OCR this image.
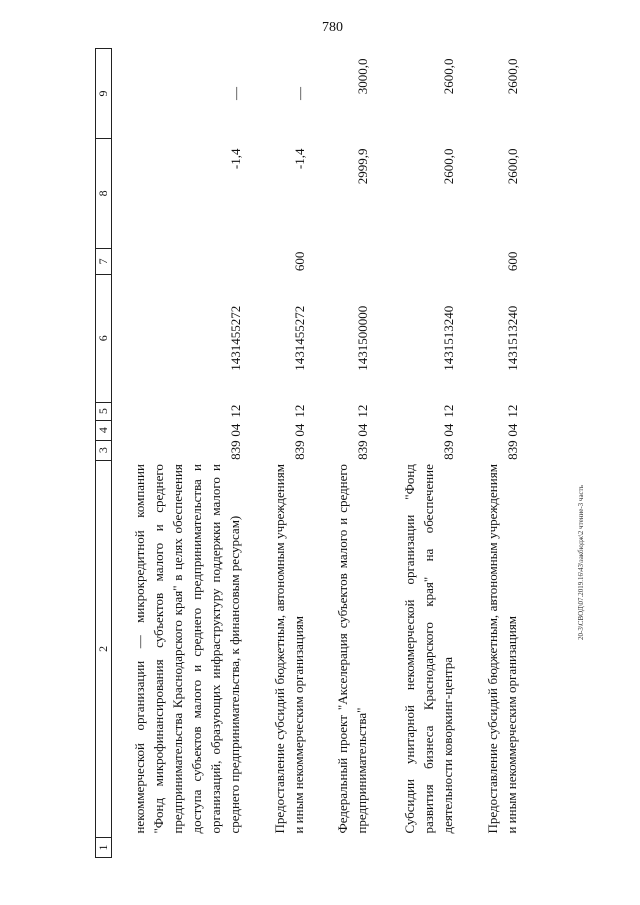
780
20-3\СВОД\07.2019.16\43\закбюдж\2 чтение-3 часть
1	2	3	4	5	6	7	8	9
	некоммерческой организации — микрокредитной компании "Фонд микрофинансирования субъектов малого и среднего предпринимательства Краснодарского края" в целях обеспечения доступа субъектов малого и среднего предпринимательства и организаций, образующих инфраструктуру поддержки малого и среднего предпринимательства, к финансовым ресурсам)	839	04	12	1431455272		-1,4	—
	Предоставление субсидий бюджетным, автономным учреждениям и иным некоммерческим организациям	839	04	12	1431455272	600	-1,4	—
	Федеральный проект "Акселерация субъектов малого и среднего предпринимательства"	839	04	12	1431500000		2999,9	3000,0
	Субсидии унитарной некоммерческой организации "Фонд развития бизнеса Краснодарского края" на обеспечение деятельности коворкинг-центра	839	04	12	1431513240		2600,0	2600,0
	Предоставление субсидий бюджетным, автономным учреждениям и иным некоммерческим организациям	839	04	12	1431513240	600	2600,0	2600,0
